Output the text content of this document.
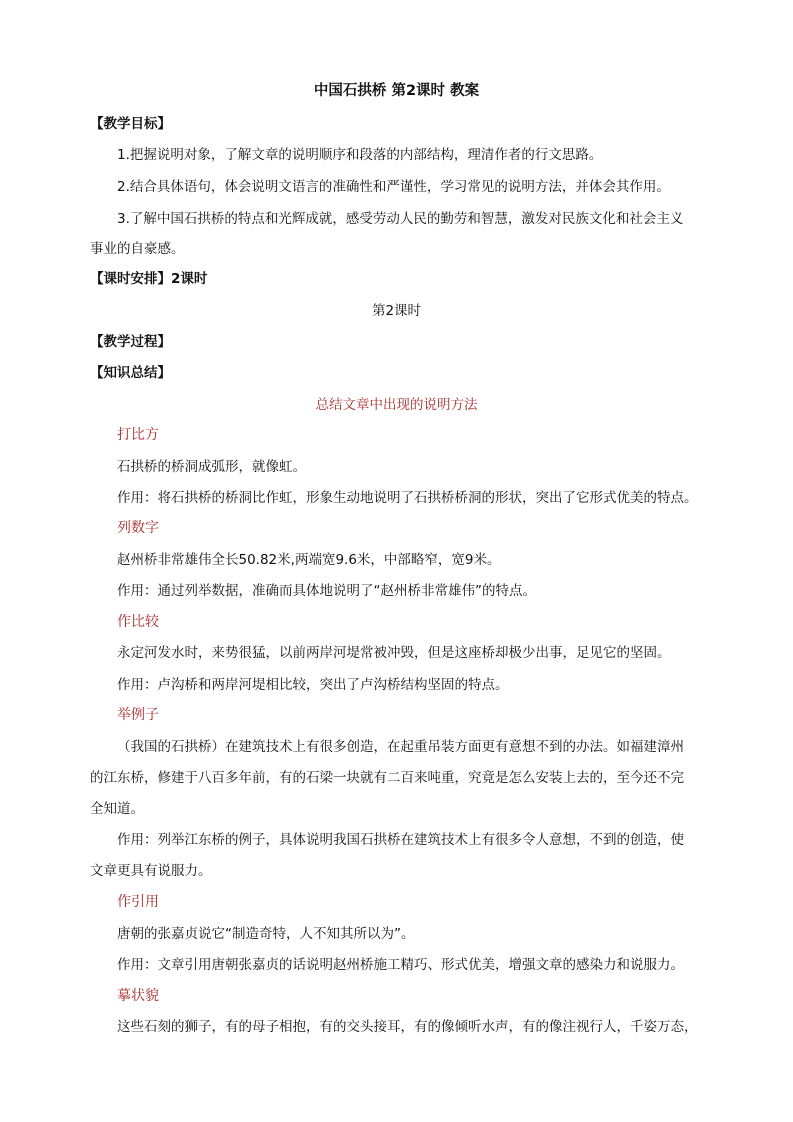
中国石拱桥 第2课时 教案
【教学目标】
1.把握说明对象，了解文章的说明顺序和段落的内部结构，理清作者的行文思路。
2.结合具体语句，体会说明文语言的准确性和严谨性，学习常见的说明方法，并体会其作用。
3.了解中国石拱桥的特点和光辉成就，感受劳动人民的勤劳和智慧，激发对民族文化和社会主义
事业的自豪感。
【课时安排】2课时
第2课时
【教学过程】
【知识总结】
总结文章中出现的说明方法
打比方
石拱桥的桥洞成弧形，就像虹。
作用：将石拱桥的桥洞比作虹，形象生动地说明了石拱桥桥洞的形状，突出了它形式优美的特点。
列数字
赵州桥非常雄伟全长50.82米,两端宽9.6米，中部略窄，宽9米。
作用：通过列举数据，准确而具体地说明了“赵州桥非常雄伟”的特点。
作比较
永定河发水时，来势很猛，以前两岸河堤常被冲毁，但是这座桥却极少出事，足见它的坚固。
作用：卢沟桥和两岸河堤相比较，突出了卢沟桥结构坚固的特点。
举例子
（我国的石拱桥）在建筑技术上有很多创造，在起重吊装方面更有意想不到的办法。如福建漳州
的江东桥，修建于八百多年前，有的石梁一块就有二百来吨重，究竟是怎么安装上去的，至今还不完
全知道。
作用：列举江东桥的例子，具体说明我国石拱桥在建筑技术上有很多令人意想，不到的创造，使
文章更具有说服力。
作引用
唐朝的张嘉贞说它“制造奇特，人不知其所以为”。
作用：文章引用唐朝张嘉贞的话说明赵州桥施工精巧、形式优美，增强文章的感染力和说服力。
摹状貌
这些石刻的狮子，有的母子相抱，有的交头接耳，有的像倾听水声，有的像注视行人，千姿万态，
